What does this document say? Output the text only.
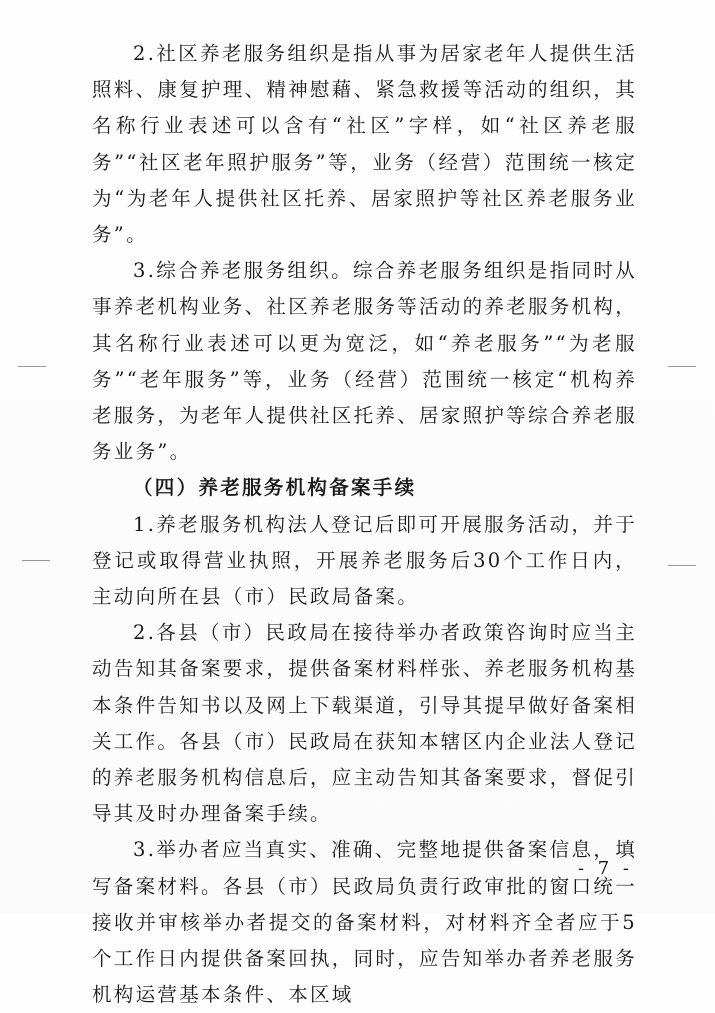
2.社区养老服务组织是指从事为居家老年人提供生活照料、康复护理、精神慰藉、紧急救援等活动的组织，其名称行业表述可以含有“社区”字样，如“社区养老服务”“社区老年照护服务”等，业务（经营）范围统一核定为“为老年人提供社区托养、居家照护等社区养老服务业务”。

3.综合养老服务组织。综合养老服务组织是指同时从事养老机构业务、社区养老服务等活动的养老服务机构，其名称行业表述可以更为宽泛，如“养老服务”“为老服务”“老年服务”等，业务（经营）范围统一核定“机构养老服务，为老年人提供社区托养、居家照护等综合养老服务业务”。

（四）养老服务机构备案手续

1.养老服务机构法人登记后即可开展服务活动，并于登记或取得营业执照，开展养老服务后30个工作日内，主动向所在县（市）民政局备案。

2.各县（市）民政局在接待举办者政策咨询时应当主动告知其备案要求，提供备案材料样张、养老服务机构基本条件告知书以及网上下载渠道，引导其提早做好备案相关工作。各县（市）民政局在获知本辖区内企业法人登记的养老服务机构信息后，应主动告知其备案要求，督促引导其及时办理备案手续。

3.举办者应当真实、准确、完整地提供备案信息，填写备案材料。各县（市）民政局负责行政审批的窗口统一接收并审核举办者提交的备案材料，对材料齐全者应于5个工作日内提供备案回执，同时，应告知举办者养老服务机构运营基本条件、本区域

- 7 -
